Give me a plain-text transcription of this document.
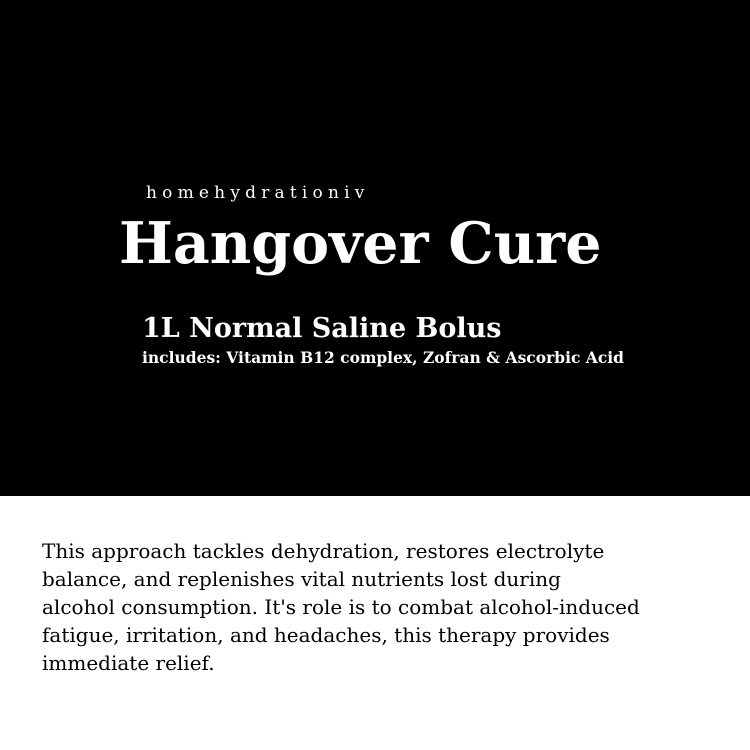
homehydrationiv
Hangover Cure
1L Normal Saline Bolus
includes: Vitamin B12 complex, Zofran & Ascorbic Acid

This approach tackles dehydration, restores electrolyte
balance, and replenishes vital nutrients lost during
alcohol consumption. It's role is to combat alcohol-induced
fatigue, irritation, and headaches, this therapy provides
immediate relief.
